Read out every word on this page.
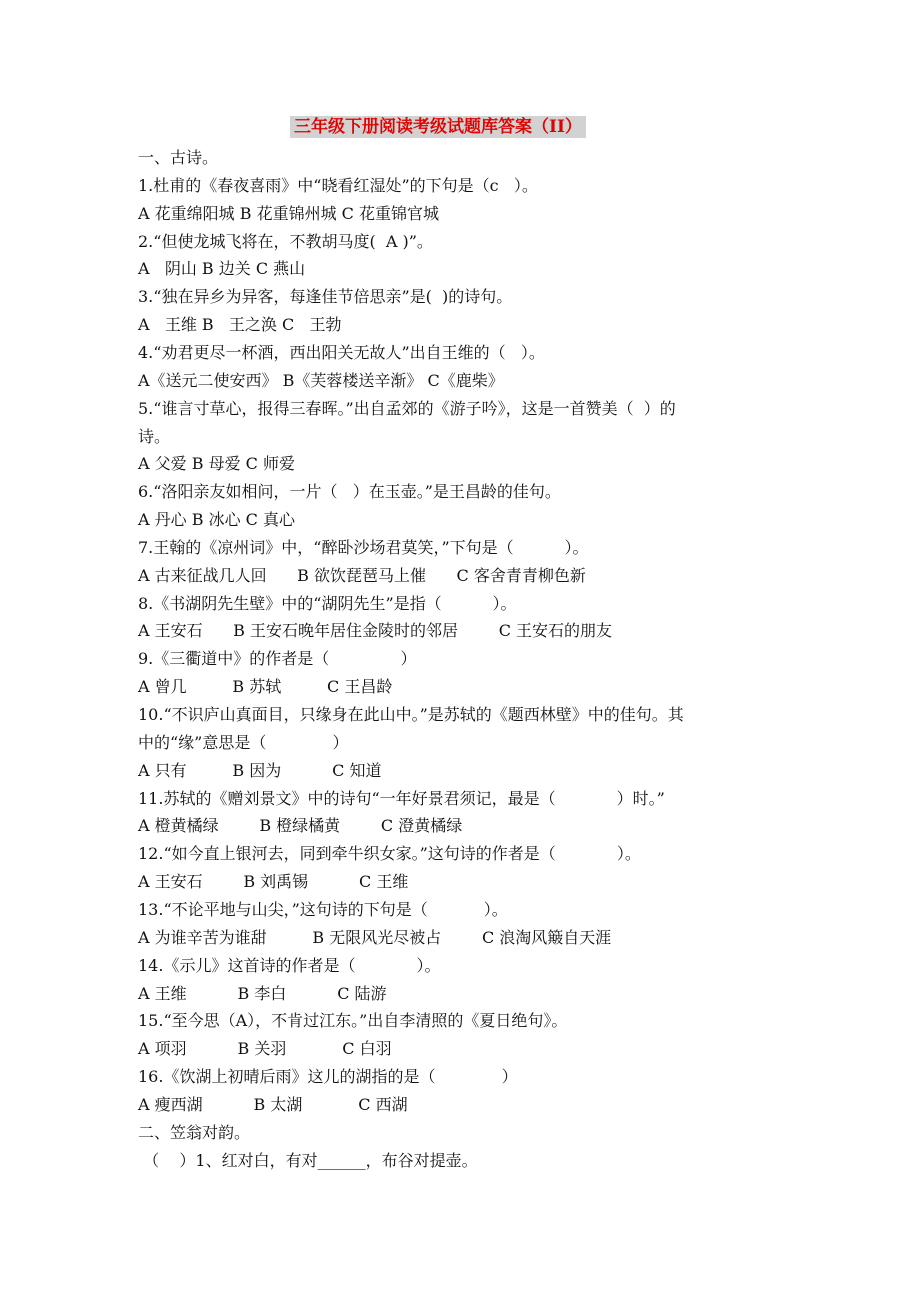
三年级下册阅读考级试题库答案（II）
一、古诗。
1.杜甫的《春夜喜雨》中“晓看红湿处”的下句是（c   ）。
A 花重绵阳城 B 花重锦州城 C 花重锦官城
2.“但使龙城飞将在，不教胡马度(  A )”。
A   阴山 B 边关 C 燕山
3.“独在异乡为异客，每逢佳节倍思亲”是(  )的诗句。
A   王维 B   王之涣 C   王勃
4.“劝君更尽一杯酒，西出阳关无故人”出自王维的（   ）。
A《送元二使安西》 B《芙蓉楼送辛渐》 C《鹿柴》
5.“谁言寸草心，报得三春晖。”出自孟郊的《游子吟》，这是一首赞美（  ）的
诗。
A 父爱 B 母爱 C 师爱
6.“洛阳亲友如相问，一片（   ）在玉壶。”是王昌龄的佳句。
A 丹心 B 冰心 C 真心
7.王翰的《凉州词》中，“醉卧沙场君莫笑，”下句是（          ）。
A 古来征战几人回      B 欲饮琵琶马上催      C 客舍青青柳色新
8.《书湖阴先生壁》中的“湖阴先生”是指（          ）。
A 王安石      B 王安石晚年居住金陵时的邻居        C 王安石的朋友
9.《三衢道中》的作者是（              ）
A 曾几         B 苏轼         C 王昌龄
10.“不识庐山真面目，只缘身在此山中。”是苏轼的《题西林壁》中的佳句。其
中的“缘”意思是（             ）
A 只有         B 因为          C 知道
11.苏轼的《赠刘景文》中的诗句“一年好景君须记，最是（            ）时。”
A 橙黄橘绿        B 橙绿橘黄        C 澄黄橘绿
12.“如今直上银河去，同到牵牛织女家。”这句诗的作者是（            ）。
A 王安石        B 刘禹锡          C 王维
13.“不论平地与山尖，”这句诗的下句是（           ）。
A 为谁辛苦为谁甜         B 无限风光尽被占        C 浪淘风簸自天涯
14.《示儿》这首诗的作者是（            ）。
A 王维          B 李白          C 陆游
15.“至今思（A），不肯过江东。”出自李清照的《夏日绝句》。
A 项羽          B 关羽           C 白羽
16.《饮湖上初晴后雨》这儿的湖指的是（             ）
A 瘦西湖          B 太湖           C 西湖
二、笠翁对韵。
（    ）1、红对白，有对______，布谷对提壶。
